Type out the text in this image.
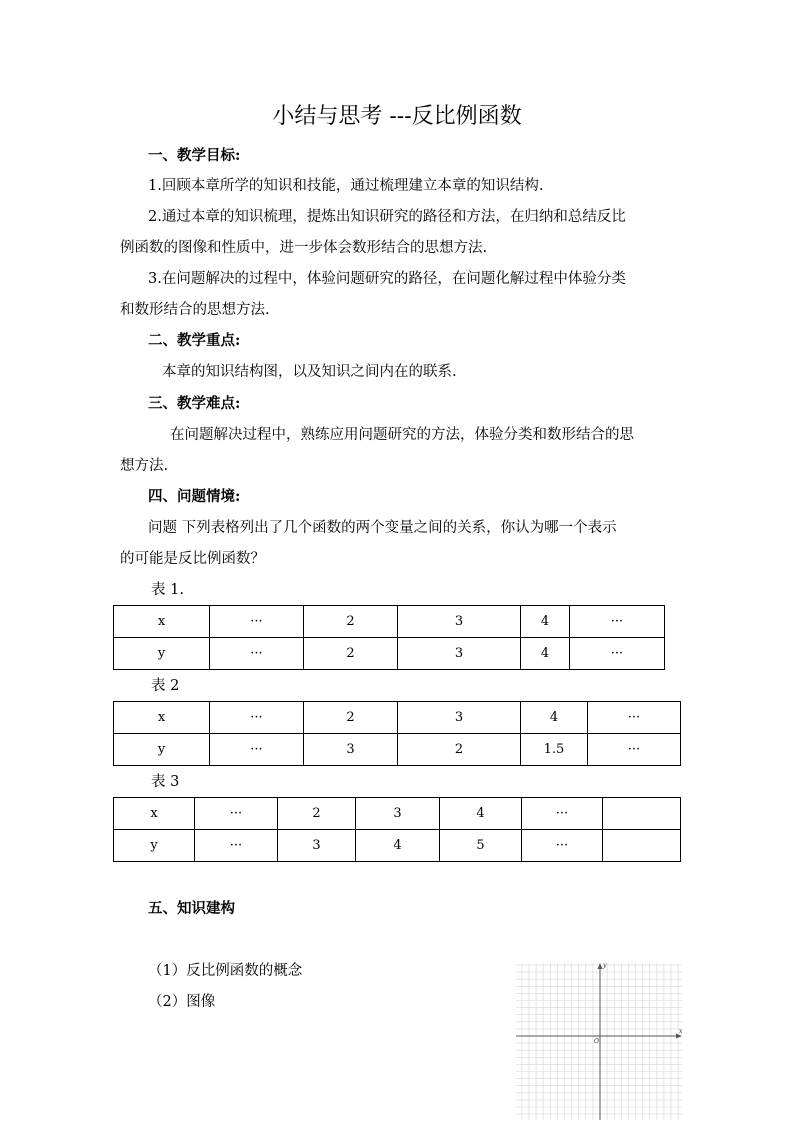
小结与思考 ---反比例函数
一、教学目标:
1.回顾本章所学的知识和技能，通过梳理建立本章的知识结构.
2.通过本章的知识梳理，提炼出知识研究的路径和方法，在归纳和总结反比
例函数的图像和性质中，进一步体会数形结合的思想方法.
3.在问题解决的过程中，体验问题研究的路径，在问题化解过程中体验分类
和数形结合的思想方法.
二、教学重点:
本章的知识结构图，以及知识之间内在的联系.
三、教学难点:
在问题解决过程中，熟练应用问题研究的方法，体验分类和数形结合的思
想方法.
四、问题情境:
问题 下列表格列出了几个函数的两个变量之间的关系，你认为哪一个表示
的可能是反比例函数？
表 1.
x	···	2	3	4	···
y	···	2	3	4	···
表 2
x	···	2	3	4	···
y	···	3	2	1.5	···
表 3
x	···	2	3	4	···	
y	···	3	4	5	···	
五、知识建构
（1）反比例函数的概念
（2）图像
x
y
O
